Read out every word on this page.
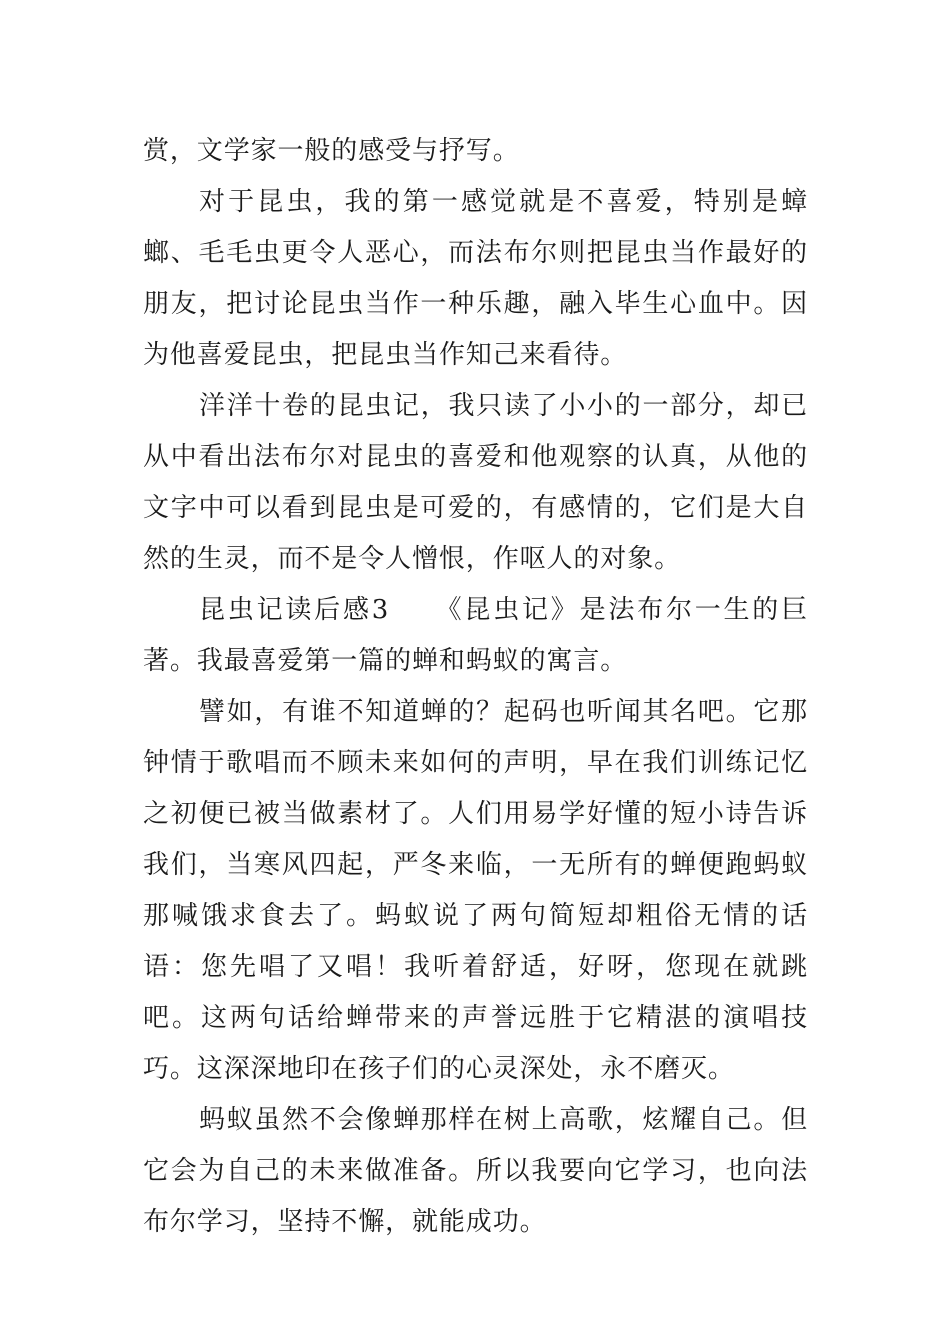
赏，文学家一般的感受与抒写。

对于昆虫，我的第一感觉就是不喜爱，特别是蟑螂、毛毛虫更令人恶心，而法布尔则把昆虫当作最好的朋友，把讨论昆虫当作一种乐趣，融入毕生心血中。因为他喜爱昆虫，把昆虫当作知己来看待。

洋洋十卷的昆虫记，我只读了小小的一部分，却已从中看出法布尔对昆虫的喜爱和他观察的认真，从他的文字中可以看到昆虫是可爱的，有感情的，它们是大自然的生灵，而不是令人憎恨，作呕人的对象。

昆虫记读后感3　　《昆虫记》是法布尔一生的巨著。我最喜爱第一篇的蝉和蚂蚁的寓言。

譬如，有谁不知道蝉的？起码也听闻其名吧。它那钟情于歌唱而不顾未来如何的声明，早在我们训练记忆之初便已被当做素材了。人们用易学好懂的短小诗告诉我们，当寒风四起，严冬来临，一无所有的蝉便跑蚂蚁那喊饿求食去了。蚂蚁说了两句简短却粗俗无情的话语：您先唱了又唱！我听着舒适，好呀，您现在就跳吧。这两句话给蝉带来的声誉远胜于它精湛的演唱技巧。这深深地印在孩子们的心灵深处，永不磨灭。

蚂蚁虽然不会像蝉那样在树上高歌，炫耀自己。但它会为自己的未来做准备。所以我要向它学习，也向法布尔学习，坚持不懈，就能成功。
